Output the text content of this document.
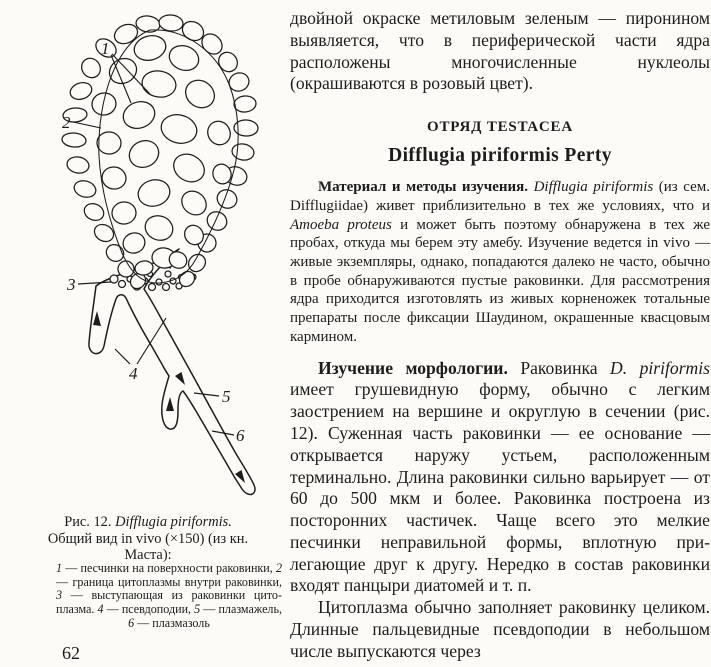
1
2
3
4
5
6

Рис. 12. Difflugia piriformis. Общий вид in vivo (×150) (из кн. Маста):

1 — песчинки на поверхности раковинки, 2 — граница цитоплазмы внутри раковинки, 3 — выступающая из раковинки цитоплазма. 4 — псевдоподии, 5 — плазмажель, 6 — плазмазоль

62

двойной окраске метиловым зеленым — пиронином выявляется, что в периферической части ядра расположены многочисленные нуклеолы (окрашиваются в розовый цвет).

ОТРЯД TESTACEA
Difflugia piriformis Perty

Материал и методы изучения. Difflugia piriformis (из сем. Difflugiidae) живет приблизительно в тех же условиях, что и Amoeba proteus и может быть поэтому обнаружена в тех же пробах, откуда мы берем эту амебу. Изучение ведется in vivo — живые экземпляры, однако, попадаются далеко не часто, обычно в пробе обнаруживаются пустые раковинки. Для рассмотрения ядра приходится изготовлять из живых корненожек тотальные препараты после фиксации Шаудином, окрашенные квасцовым кармином.

Изучение морфологии. Раковинка D. piriformis имеет грушевидную форму, обычно с легким заострением на вершине и округлую в сечении (рис. 12). Суженная часть раковинки — ее основание — открывается наружу устьем, расположенным терминально. Длина раковинки сильно варьирует — от 60 до 500 мкм и более. Раковинка построена из посторонних частичек. Чаще всего это мелкие песчинки неправильной формы, вплотную прилегающие друг к другу. Нередко в состав раковинки входят панцыри диатомей и т. п.

Цитоплазма обычно заполняет раковинку целиком. Длинные пальцевидные псевдоподии в небольшом числе выпускаются через
